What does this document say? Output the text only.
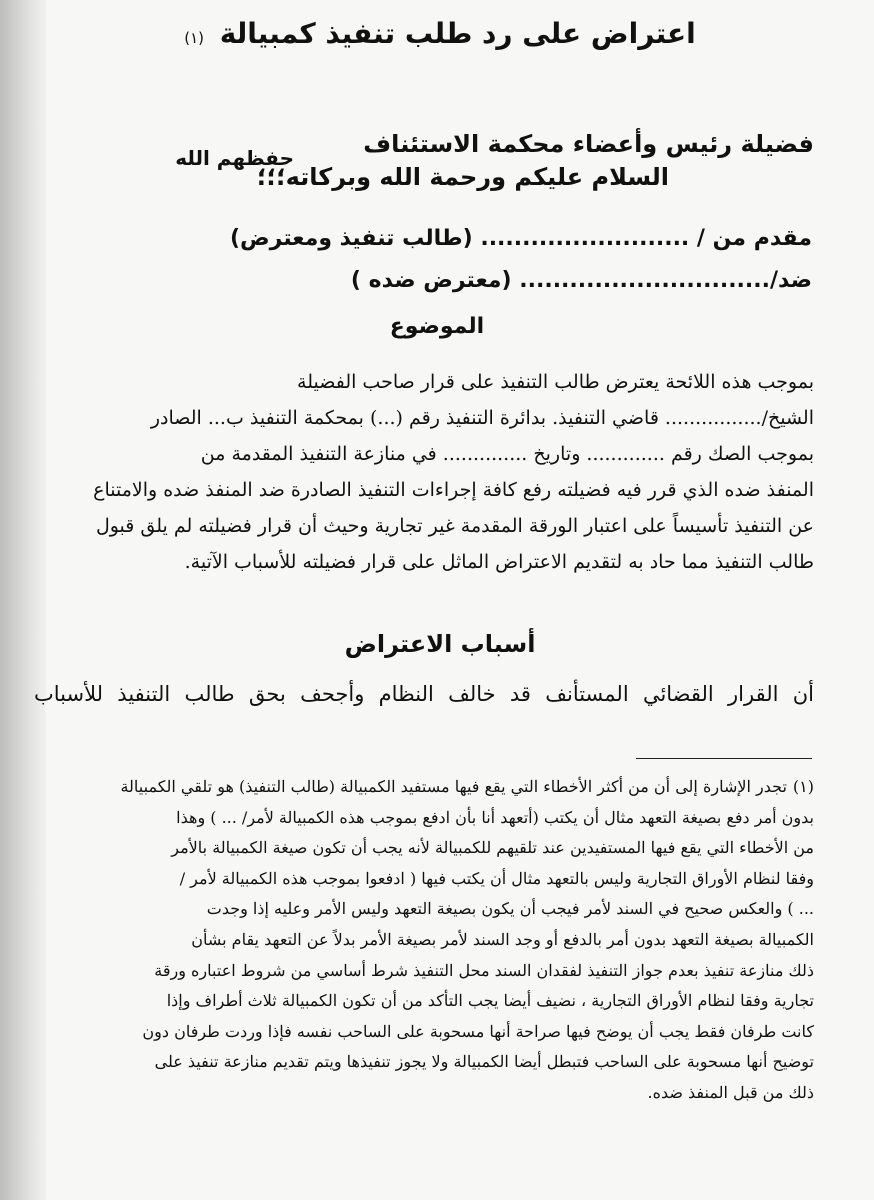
اعتراض على رد طلب تنفيذ كمبيالة (١)
فضيلة رئيس وأعضاء محكمة الاستئناف
حفظهم الله
السلام عليكم ورحمة الله وبركاته؛؛؛
مقدم من / ......................... (طالب تنفيذ ومعترض)
ضد/.............................. (معترض ضده )
الموضوع

بموجب هذه اللائحة يعترض طالب التنفيذ على قرار صاحب الفضيلة

الشيخ/................ قاضي التنفيذ. بدائرة التنفيذ رقم (...) بمحكمة التنفيذ ب... الصادر

بموجب الصك رقم ............. وتاريخ .............. في منازعة التنفيذ المقدمة من

المنفذ ضده الذي قرر فيه فضيلته رفع كافة إجراءات التنفيذ الصادرة ضد المنفذ ضده والامتناع

عن التنفيذ تأسيساً على اعتبار الورقة المقدمة غير تجارية وحيث أن قرار فضيلته لم يلق قبول

طالب التنفيذ مما حاد به لتقديم الاعتراض الماثل على قرار فضيلته للأسباب الآتية.

أسباب الاعتراض
أن القرار القضائي المستأنف قد خالف النظام وأجحف بحق طالب التنفيذ للأسباب

(١)تجدر الإشارة إلى أن من أكثر الأخطاء التي يقع فيها مستفيد الكمبيالة (طالب التنفيذ) هو تلقي الكمبيالة

بدون أمر دفع بصيغة التعهد مثال أن يكتب (أتعهد أنا بأن ادفع بموجب هذه الكمبيالة لأمر/ ... ) وهذا

من الأخطاء التي يقع فيها المستفيدين عند تلقيهم للكمبيالة لأنه يجب أن تكون صيغة الكمبيالة بالأمر

وفقا لنظام الأوراق التجارية وليس بالتعهد مثال أن يكتب فيها ( ادفعوا بموجب هذه الكمبيالة لأمر /

... ) والعكس صحيح في السند لأمر فيجب أن يكون بصيغة التعهد وليس الأمر وعليه إذا وجدت

الكمبيالة بصيغة التعهد بدون أمر بالدفع أو وجد السند لأمر بصيغة الأمر بدلاً عن التعهد يقام بشأن

ذلك منازعة تنفيذ بعدم جواز التنفيذ لفقدان السند محل التنفيذ شرط أساسي من شروط اعتباره ورقة

تجارية وفقا لنظام الأوراق التجارية ، نضيف أيضا يجب التأكد من أن تكون الكمبيالة ثلاث أطراف وإذا

كانت طرفان فقط يجب أن يوضح فيها صراحة أنها مسحوبة على الساحب نفسه فإذا وردت طرفان دون

توضيح أنها مسحوبة على الساحب فتبطل أيضا الكمبيالة ولا يجوز تنفيذها ويتم تقديم منازعة تنفيذ على

ذلك من قبل المنفذ ضده.
